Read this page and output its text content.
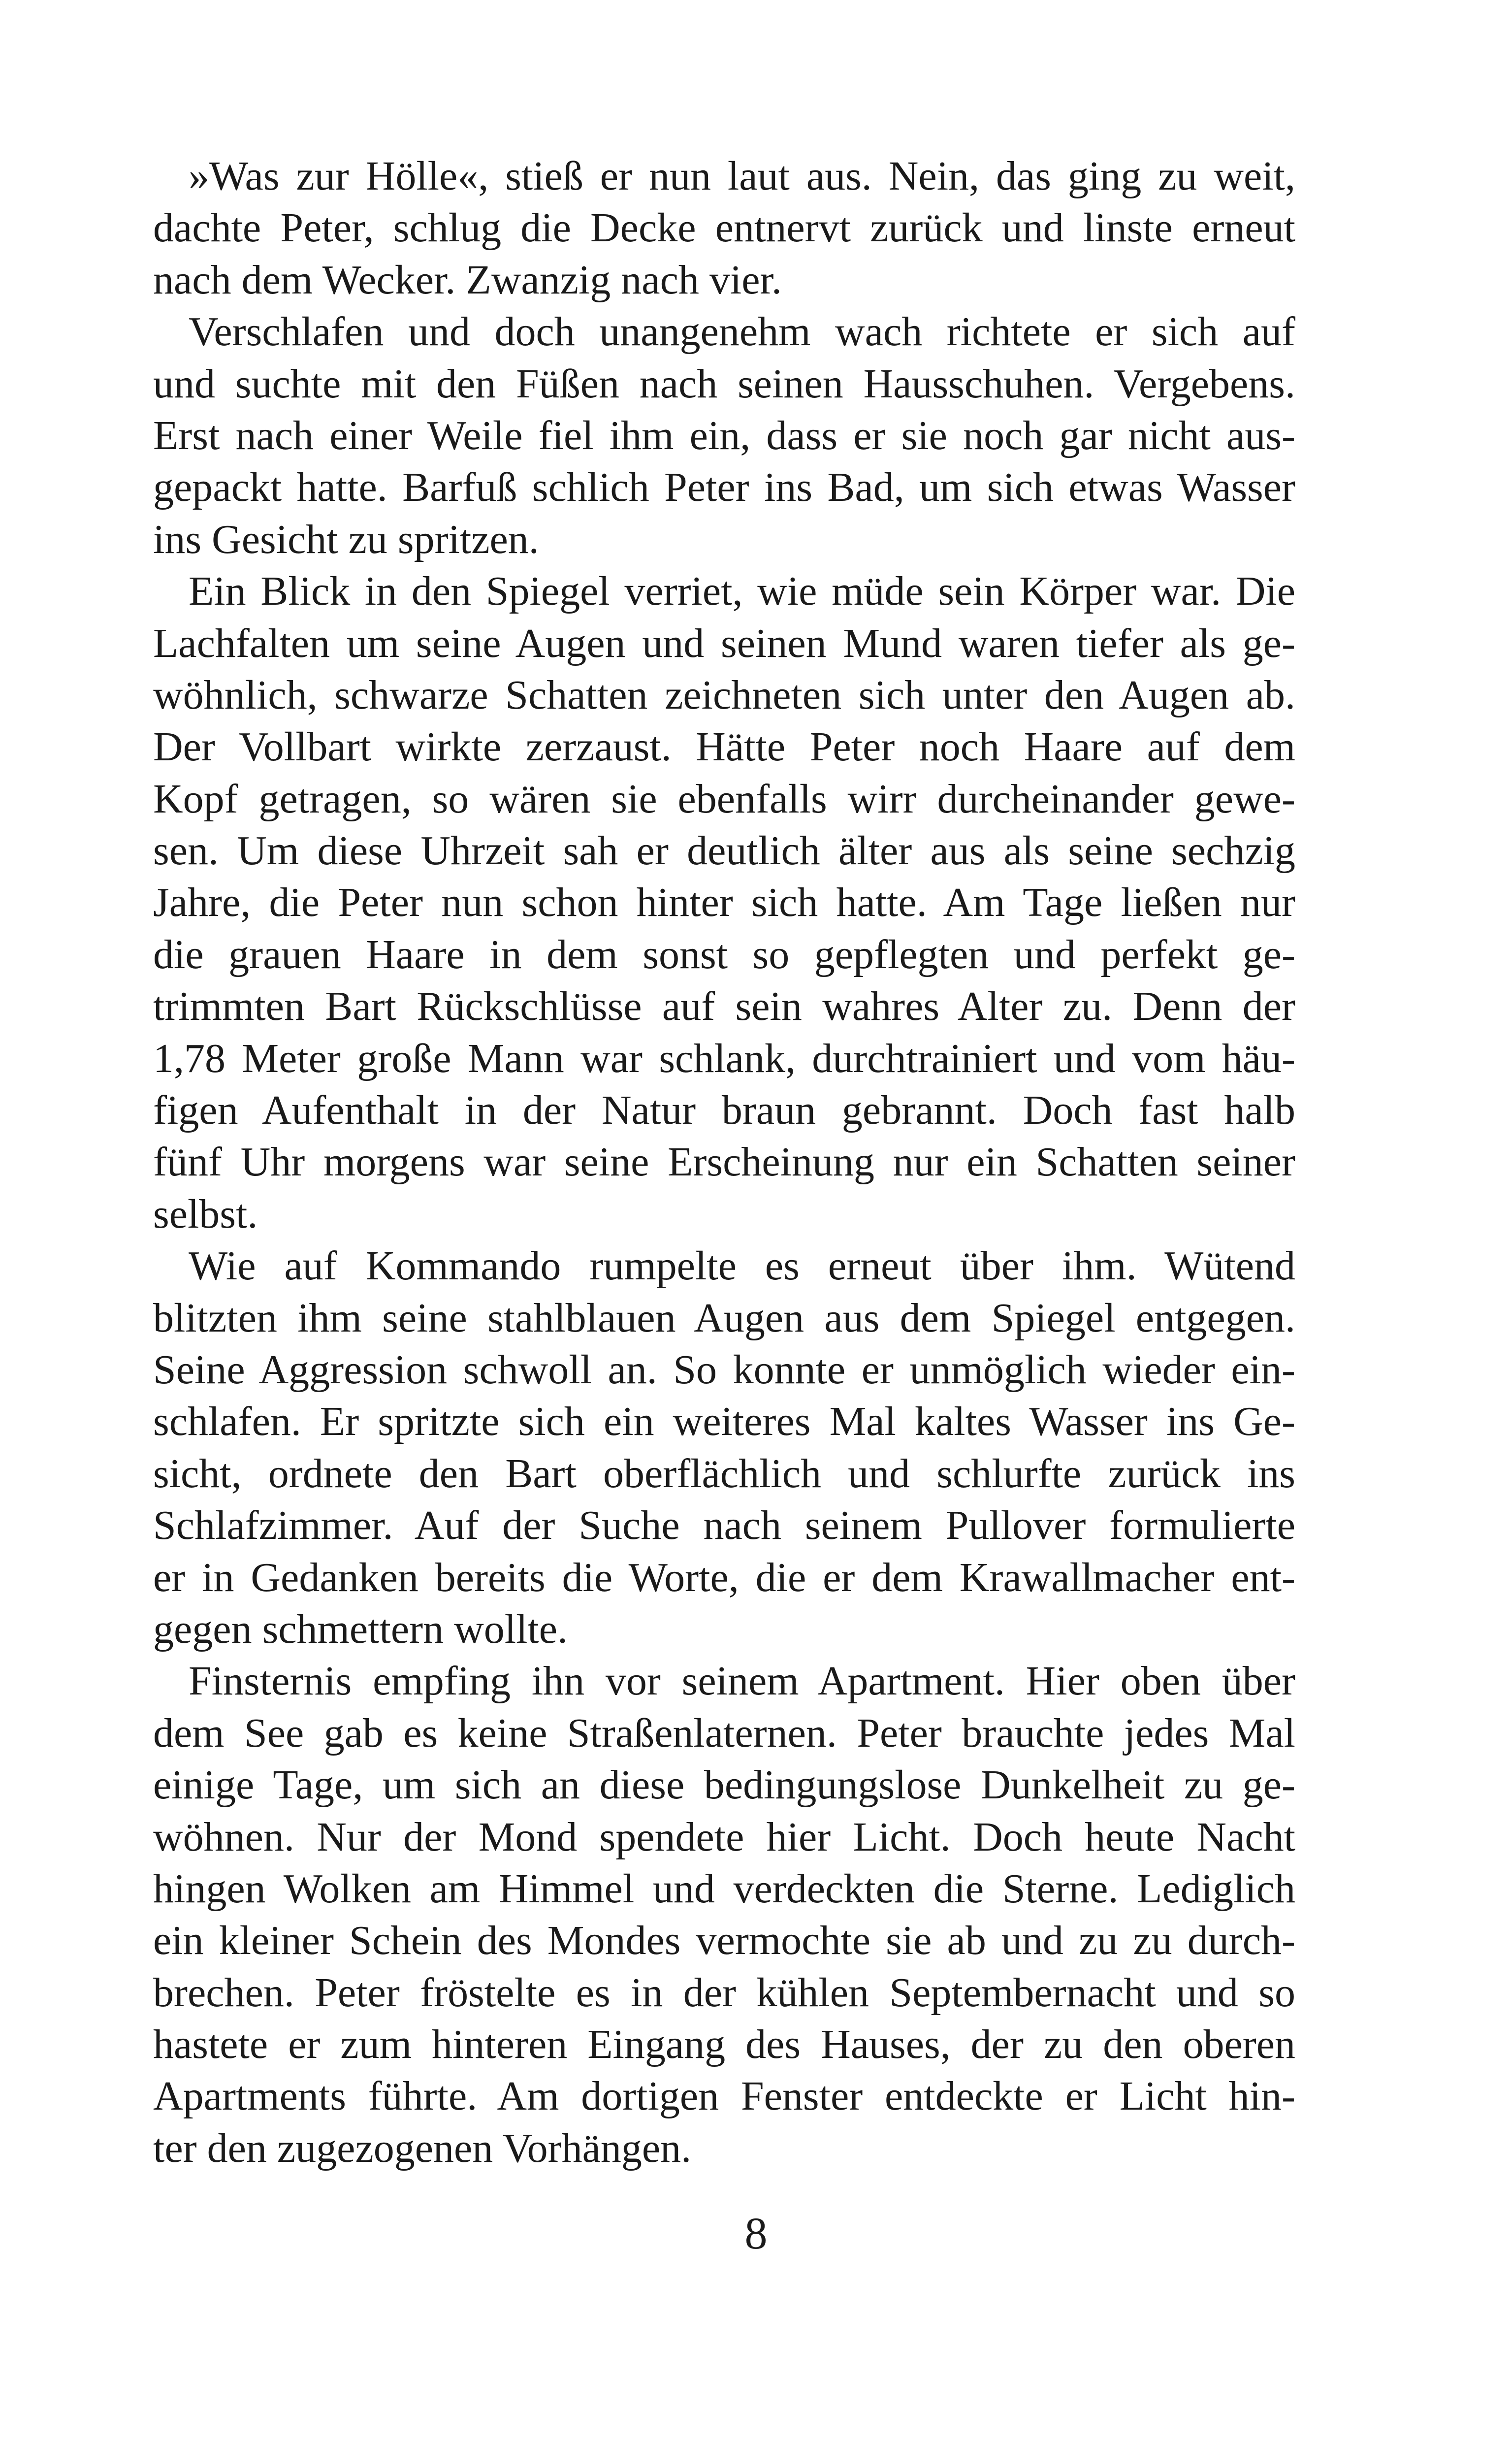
»Was zur Hölle«, stieß er nun laut aus. Nein, das ging zu weit,
dachte Peter, schlug die Decke entnervt zurück und linste erneut
nach dem Wecker. Zwanzig nach vier.

Verschlafen und doch unangenehm wach richtete er sich auf
und suchte mit den Füßen nach seinen Hausschuhen. Vergebens.
Erst nach einer Weile fiel ihm ein, dass er sie noch gar nicht aus-
gepackt hatte. Barfuß schlich Peter ins Bad, um sich etwas Wasser
ins Gesicht zu spritzen.

Ein Blick in den Spiegel verriet, wie müde sein Körper war. Die
Lachfalten um seine Augen und seinen Mund waren tiefer als ge-
wöhnlich, schwarze Schatten zeichneten sich unter den Augen ab.
Der Vollbart wirkte zerzaust. Hätte Peter noch Haare auf dem
Kopf getragen, so wären sie ebenfalls wirr durcheinander gewe-
sen. Um diese Uhrzeit sah er deutlich älter aus als seine sechzig
Jahre, die Peter nun schon hinter sich hatte. Am Tage ließen nur
die grauen Haare in dem sonst so gepflegten und perfekt ge-
trimmten Bart Rückschlüsse auf sein wahres Alter zu. Denn der
1,78 Meter große Mann war schlank, durchtrainiert und vom häu-
figen Aufenthalt in der Natur braun gebrannt. Doch fast halb
fünf Uhr morgens war seine Erscheinung nur ein Schatten seiner
selbst.

Wie auf Kommando rumpelte es erneut über ihm. Wütend
blitzten ihm seine stahlblauen Augen aus dem Spiegel entgegen.
Seine Aggression schwoll an. So konnte er unmöglich wieder ein-
schlafen. Er spritzte sich ein weiteres Mal kaltes Wasser ins Ge-
sicht, ordnete den Bart oberflächlich und schlurfte zurück ins
Schlafzimmer. Auf der Suche nach seinem Pullover formulierte
er in Gedanken bereits die Worte, die er dem Krawallmacher ent-
gegen schmettern wollte.

Finsternis empfing ihn vor seinem Apartment. Hier oben über
dem See gab es keine Straßenlaternen. Peter brauchte jedes Mal
einige Tage, um sich an diese bedingungslose Dunkelheit zu ge-
wöhnen. Nur der Mond spendete hier Licht. Doch heute Nacht
hingen Wolken am Himmel und verdeckten die Sterne. Lediglich
ein kleiner Schein des Mondes vermochte sie ab und zu zu durch-
brechen. Peter fröstelte es in der kühlen Septembernacht und so
hastete er zum hinteren Eingang des Hauses, der zu den oberen
Apartments führte. Am dortigen Fenster entdeckte er Licht hin-
ter den zugezogenen Vorhängen.

8
